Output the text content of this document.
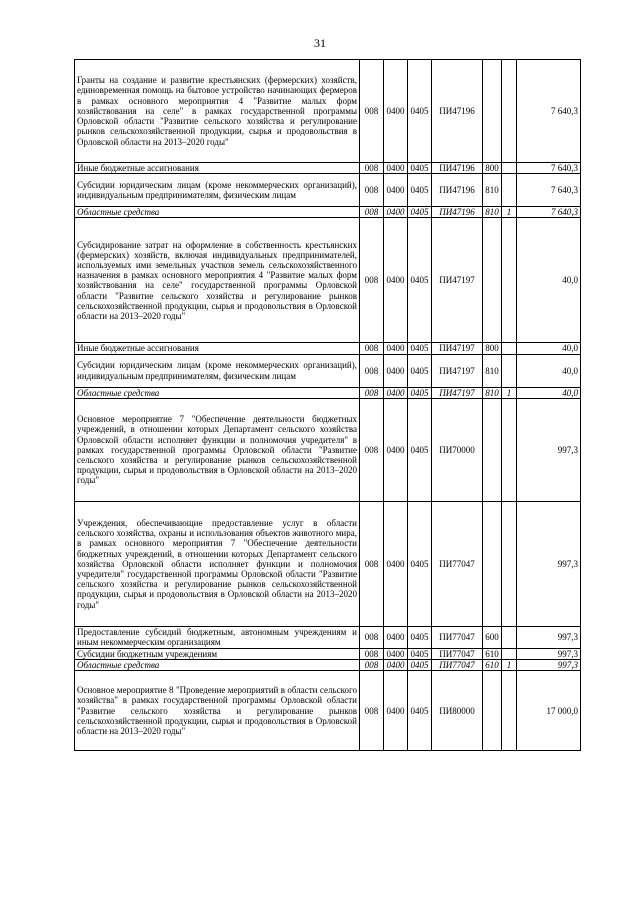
31
Гранты на создание и развитие крестьянских (фермерских) хозяйств, единовременная помощь на бытовое устройство начинающих фермеров в рамках основного мероприятия 4 "Развитие малых форм хозяйствования на селе" в рамках государственной программы Орловской области "Развитие сельского хозяйства и регулирование рынков сельскохозяйственной продукции, сырья и продовольствия в Орловской области на 2013–2020 годы"	008	0400	0405	ПИ47196			7 640,3
Иные бюджетные ассигнования	008	0400	0405	ПИ47196	800		7 640,3
Субсидии юридическим лицам (кроме некоммерческих организаций), индивидуальным предпринимателям, физическим лицам	008	0400	0405	ПИ47196	810		7 640,3
Областные средства	008	0400	0405	ПИ47196	810	1	7 640,3
Субсидирование затрат на оформление в собственность крестьянских (фермерских) хозяйств, включая индивидуальных предпринимателей, используемых ими земельных участков земель сельскохозяйственного назначения в рамках основного мероприятия 4 "Развитие малых форм хозяйствования на селе" государственной программы Орловской области "Развитие сельского хозяйства и регулирование рынков сельскохозяйственной продукции, сырья и продовольствия в Орловской области на 2013–2020 годы"	008	0400	0405	ПИ47197			40,0
Иные бюджетные ассигнования	008	0400	0405	ПИ47197	800		40,0
Субсидии юридическим лицам (кроме некоммерческих организаций), индивидуальным предпринимателям, физическим лицам	008	0400	0405	ПИ47197	810		40,0
Областные средства	008	0400	0405	ПИ47197	810	1	40,0
Основное мероприятие 7 "Обеспечение деятельности бюджетных учреждений, в отношении которых Департамент сельского хозяйства Орловской области исполняет функции и полномочия учредителя" в рамках государственной программы Орловской области "Развитие сельского хозяйства и регулирование рынков сельскохозяйственной продукции, сырья и продовольствия в Орловской области на 2013–2020 годы"	008	0400	0405	ПИ70000			997,3
Учреждения, обеспечивающие предоставление услуг в области сельского хозяйства, охраны и использования объектов животного мира, в рамках основного мероприятия 7 "Обеспечение деятельности бюджетных учреждений, в отношении которых Департамент сельского хозяйства Орловской области исполняет функции и полномочия учредителя" государственной программы Орловской области "Развитие сельского хозяйства и регулирование рынков сельскохозяйственной продукции, сырья и продовольствия в Орловской области на 2013–2020 годы"	008	0400	0405	ПИ77047			997,3
Предоставление субсидий бюджетным, автономным учреждениям и иным некоммерческим организациям	008	0400	0405	ПИ77047	600		997,3
Субсидии бюджетным учреждениям	008	0400	0405	ПИ77047	610		997,3
Областные средства	008	0400	0405	ПИ77047	610	1	997,3
Основное мероприятие 8 "Проведение мероприятий в области сельского хозяйства" в рамках государственной программы Орловской области "Развитие сельского хозяйства и регулирование рынков сельскохозяйственной продукции, сырья и продовольствия в Орловской области на 2013–2020 годы"	008	0400	0405	ПИ80000			17 000,0
